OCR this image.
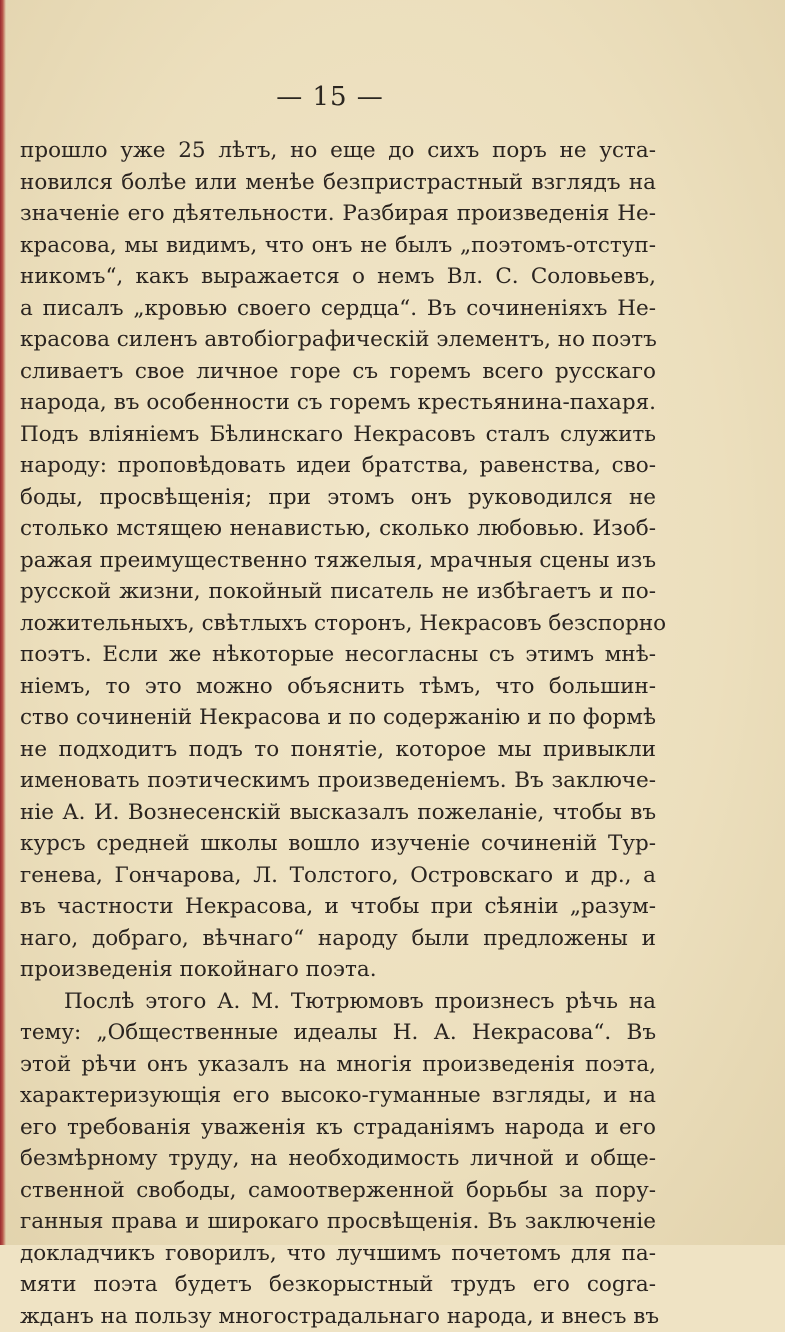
— 15 —
прошло уже 25 лѣтъ, но еще до сихъ поръ не уста-
новился болѣе или менѣе безпристрастный взглядъ на
значеніе его дѣятельности. Разбирая произведенія Не-
красова, мы видимъ, что онъ не былъ „поэтомъ-отступ-
никомъ“, какъ выражается о немъ Вл. С. Соловьевъ,
а писалъ „кровью своего сердца“. Въ сочиненіяхъ Не-
красова силенъ автобіографическій элементъ, но поэтъ
сливаетъ свое личное горе съ горемъ всего русскаго
народа, въ особенности съ горемъ крестьянина-пахаря.
Подъ вліяніемъ Бѣлинскаго Некрасовъ сталъ служить
народу: проповѣдовать идеи братства, равенства, сво-
боды, просвѣщенія; при этомъ онъ руководился не
столько мстящею ненавистью, сколько любовью. Изоб-
ражая преимущественно тяжелыя, мрачныя сцены изъ
русской жизни, покойный писатель не избѣгаетъ и по-
ложительныхъ, свѣтлыхъ сторонъ, Некрасовъ безспорно
поэтъ. Если же нѣкоторые несогласны съ этимъ мнѣ-
ніемъ, то это можно объяснить тѣмъ, что большин-
ство сочиненій Некрасова и по содержанію и по формѣ
не подходитъ подъ то понятіе, которое мы привыкли
именовать поэтическимъ произведеніемъ. Въ заключе-
ніе А. И. Вознесенскій высказалъ пожеланіе, чтобы въ
курсъ средней школы вошло изученіе сочиненій Тур-
генева, Гончарова, Л. Толстого, Островскаго и др., а
въ частности Некрасова, и чтобы при сѣяніи „разум-
наго, добраго, вѣчнаго“ народу были предложены и
произведенія покойнаго поэта.
Послѣ этого А. М. Тютрюмовъ произнесъ рѣчь на
тему: „Общественные идеалы Н. А. Некрасова“. Въ
этой рѣчи онъ указалъ на многія произведенія поэта,
характеризующія его высоко-гуманные взгляды, и на
его требованія уваженія къ страданіямъ народа и его
безмѣрному труду, на необходимость личной и обще-
ственной свободы, самоотверженной борьбы за пору-
ганныя права и широкаго просвѣщенія. Въ заключеніе
докладчикъ говорилъ, что лучшимъ почетомъ для па-
мяти поэта будетъ безкорыстный трудъ его сogra-
жданъ на пользу многострадальнаго народа, и внесъ въ
